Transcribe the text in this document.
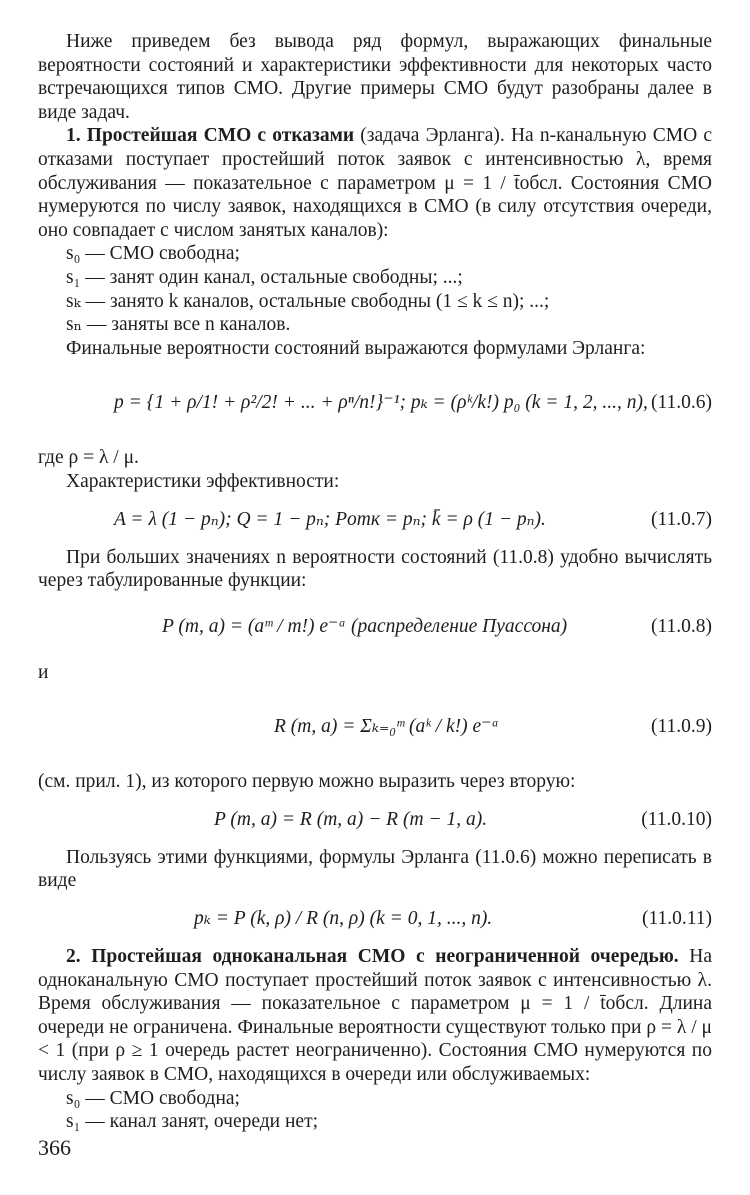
Ниже приведем без вывода ряд формул, выражающих финальные вероятности состояний и характеристики эффективности для некоторых часто встречающихся типов СМО. Другие примеры СМО будут разобраны далее в виде задач.

1. Простейшая СМО с отказами (задача Эрланга). На n-канальную СМО с отказами поступает простейший поток заявок с интенсивностью λ, время обслуживания — показательное с параметром μ = 1 / t̄обсл. Состояния СМО нумеруются по числу заявок, находящихся в СМО (в силу отсутствия очереди, оно совпадает с числом занятых каналов):

s₀ — СМО свободна;

s₁ — занят один канал, остальные свободны; ...;

sₖ — занято k каналов, остальные свободны (1 ≤ k ≤ n); ...;

sₙ — заняты все n каналов.

Финальные вероятности состояний выражаются формулами Эрланга:

p = {1 + ρ/1! + ρ²/2! + ... + ρⁿ/n!}⁻¹; pₖ = (ρᵏ/k!) p₀ (k = 1, 2, ..., n), (11.0.6)

где ρ = λ / μ.

Характеристики эффективности:

A = λ (1 − pₙ); Q = 1 − pₙ; Pотк = pₙ; k̄ = ρ (1 − pₙ).	(11.0.7)

При больших значениях n вероятности состояний (11.0.8) удобно вычислять через табулированные функции:

P (m, a) = (aᵐ / m!) e⁻ᵃ (распределение Пуассона)	(11.0.8)

и

R (m, a) = Σₖ₌₀ᵐ (aᵏ / k!) e⁻ᵃ	(11.0.9)

(см. прил. 1), из которого первую можно выразить через вторую:

P (m, a) = R (m, a) − R (m − 1, a).	(11.0.10)

Пользуясь этими функциями, формулы Эрланга (11.0.6) можно переписать в виде

pₖ = P (k, ρ) / R (n, ρ) (k = 0, 1, ..., n).	(11.0.11)

2. Простейшая одноканальная СМО с неограниченной очередью. На одноканальную СМО поступает простейший поток заявок с интенсивностью λ. Время обслуживания — показательное с параметром μ = 1 / t̄обсл. Длина очереди не ограничена. Финальные вероятности существуют только при ρ = λ / μ < 1 (при ρ ≥ 1 очередь растет неограниченно). Состояния СМО нумеруются по числу заявок в СМО, находящихся в очереди или обслуживаемых:

s₀ — СМО свободна;

s₁ — канал занят, очереди нет;

366
